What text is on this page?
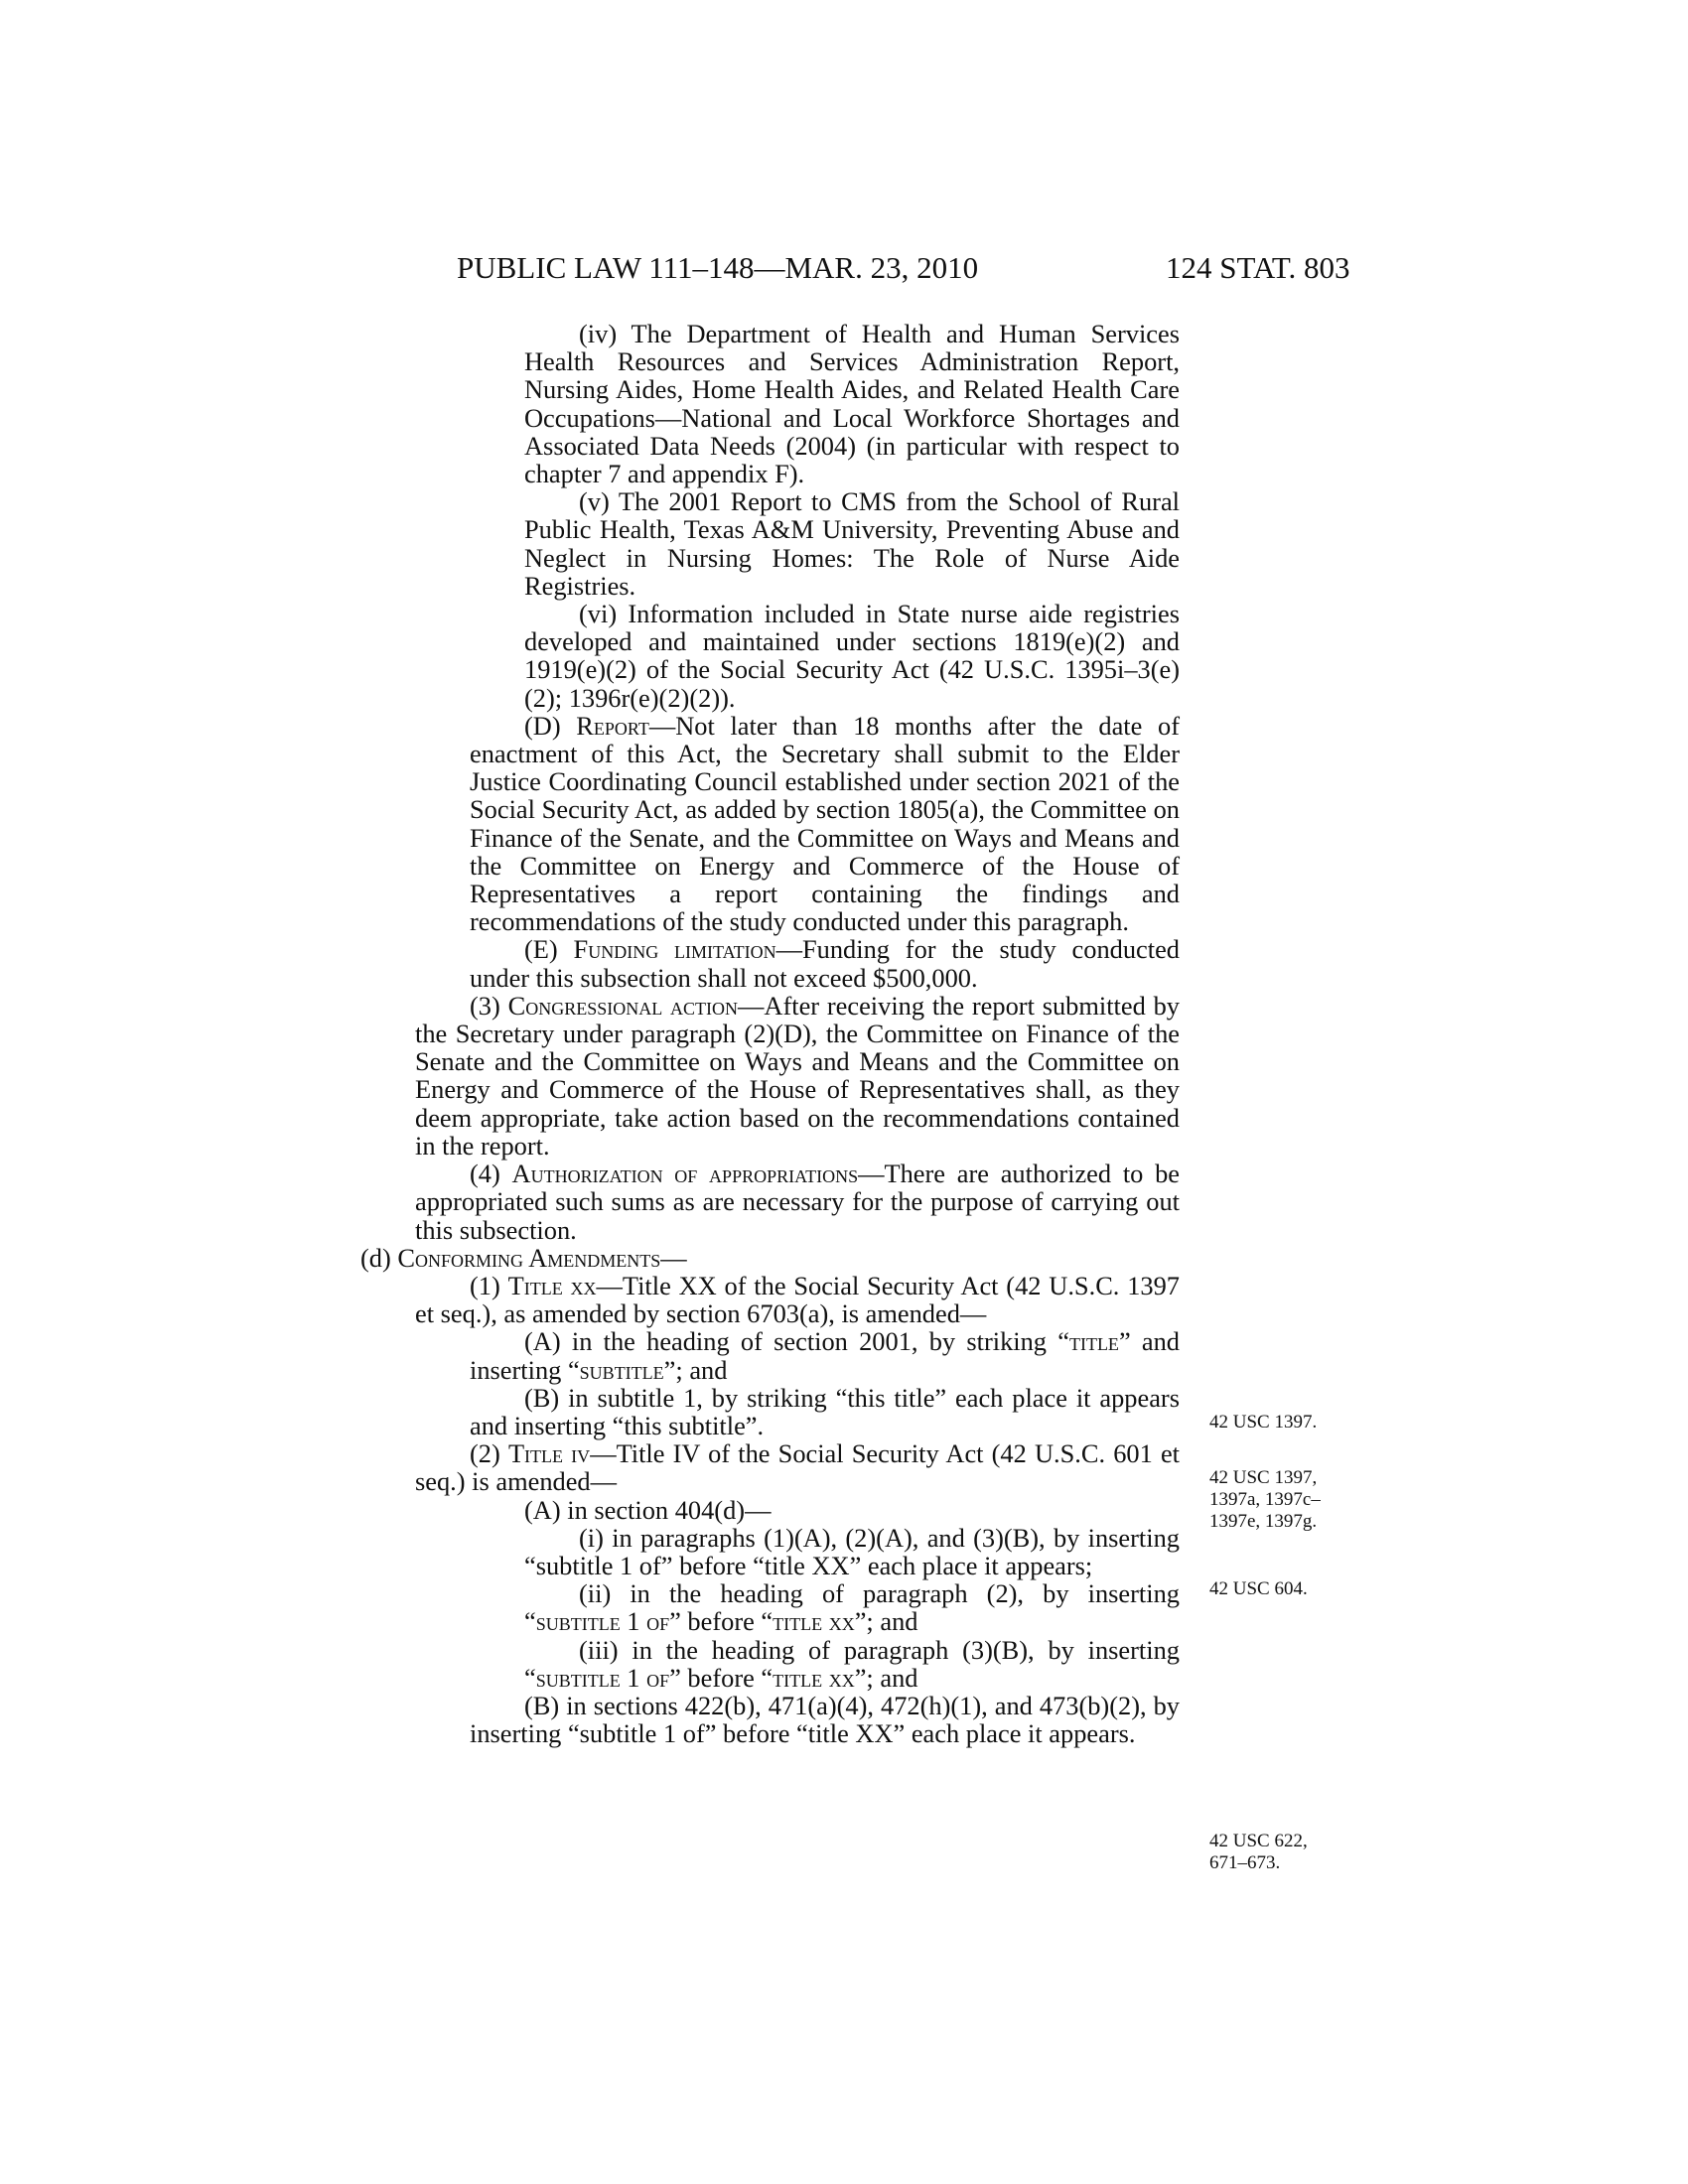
PUBLIC LAW 111–148—MAR. 23, 2010	124 STAT. 803

(iv) The Department of Health and Human Services Health Resources and Services Administration Report, Nursing Aides, Home Health Aides, and Related Health Care Occupations—National and Local Workforce Shortages and Associated Data Needs (2004) (in particular with respect to chapter 7 and appendix F).

(v) The 2001 Report to CMS from the School of Rural Public Health, Texas A&M University, Preventing Abuse and Neglect in Nursing Homes: The Role of Nurse Aide Registries.

(vi) Information included in State nurse aide registries developed and maintained under sections 1819(e)(2) and 1919(e)(2) of the Social Security Act (42 U.S.C. 1395i–3(e)(2); 1396r(e)(2)(2)).

(D) Report—Not later than 18 months after the date of enactment of this Act, the Secretary shall submit to the Elder Justice Coordinating Council established under section 2021 of the Social Security Act, as added by section 1805(a), the Committee on Finance of the Senate, and the Committee on Ways and Means and the Committee on Energy and Commerce of the House of Representatives a report containing the findings and recommendations of the study conducted under this paragraph.

(E) Funding limitation—Funding for the study conducted under this subsection shall not exceed $500,000.

(3) Congressional action—After receiving the report submitted by the Secretary under paragraph (2)(D), the Committee on Finance of the Senate and the Committee on Ways and Means and the Committee on Energy and Commerce of the House of Representatives shall, as they deem appropriate, take action based on the recommendations contained in the report.

(4) Authorization of appropriations—There are authorized to be appropriated such sums as are necessary for the purpose of carrying out this subsection.

(d) Conforming Amendments—

(1) Title xx—Title XX of the Social Security Act (42 U.S.C. 1397 et seq.), as amended by section 6703(a), is amended—

(A) in the heading of section 2001, by striking “title” and inserting “subtitle”; and

(B) in subtitle 1, by striking “this title” each place it appears and inserting “this subtitle”.

(2) Title iv—Title IV of the Social Security Act (42 U.S.C. 601 et seq.) is amended—

(A) in section 404(d)—

(i) in paragraphs (1)(A), (2)(A), and (3)(B), by inserting “subtitle 1 of” before “title XX” each place it appears;

(ii) in the heading of paragraph (2), by inserting “subtitle 1 of” before “title xx”; and

(iii) in the heading of paragraph (3)(B), by inserting “subtitle 1 of” before “title xx”; and

(B) in sections 422(b), 471(a)(4), 472(h)(1), and 473(b)(2), by inserting “subtitle 1 of” before “title XX” each place it appears.

42 USC 1397.
42 USC 1397,
1397a, 1397c–
1397e, 1397g.
42 USC 604.
42 USC 622,
671–673.
